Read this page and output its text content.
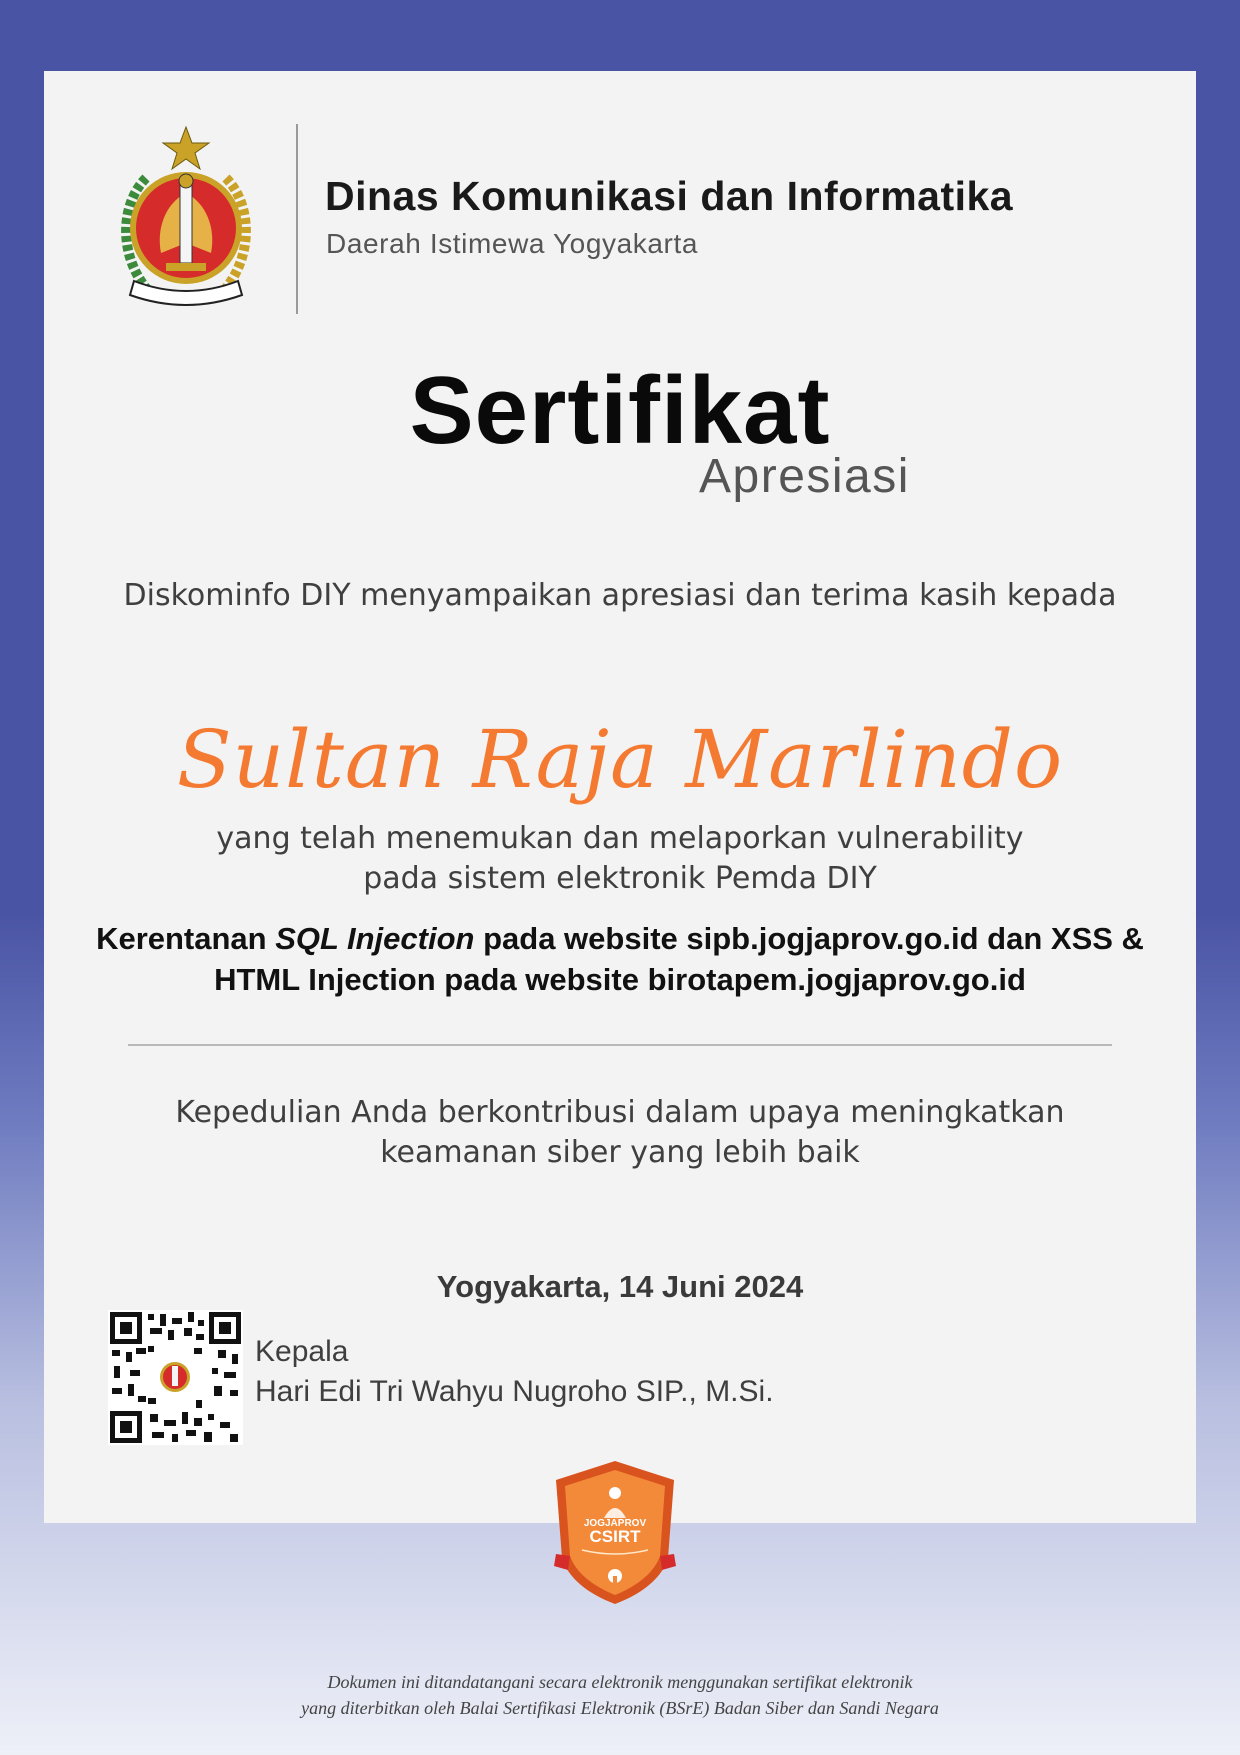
Dinas Komunikasi dan Informatika
Daerah Istimewa Yogyakarta
Sertifikat
Apresiasi
Diskominfo DIY menyampaikan apresiasi dan terima kasih kepada
Sultan Raja Marlindo
yang telah menemukan dan melaporkan vulnerability
pada sistem elektronik Pemda DIY
Kerentanan SQL Injection pada website sipb.jogjaprov.go.id dan XSS & HTML Injection pada website birotapem.jogjaprov.go.id
Kepedulian Anda berkontribusi dalam upaya meningkatkan
keamanan siber yang lebih baik
Yogyakarta, 14 Juni 2024
Kepala
Hari Edi Tri Wahyu Nugroho SIP., M.Si.
JOGJAPROV
CSIRT
Dokumen ini ditandatangani secara elektronik menggunakan sertifikat elektronik
yang diterbitkan oleh Balai Sertifikasi Elektronik (BSrE) Badan Siber dan Sandi Negara
